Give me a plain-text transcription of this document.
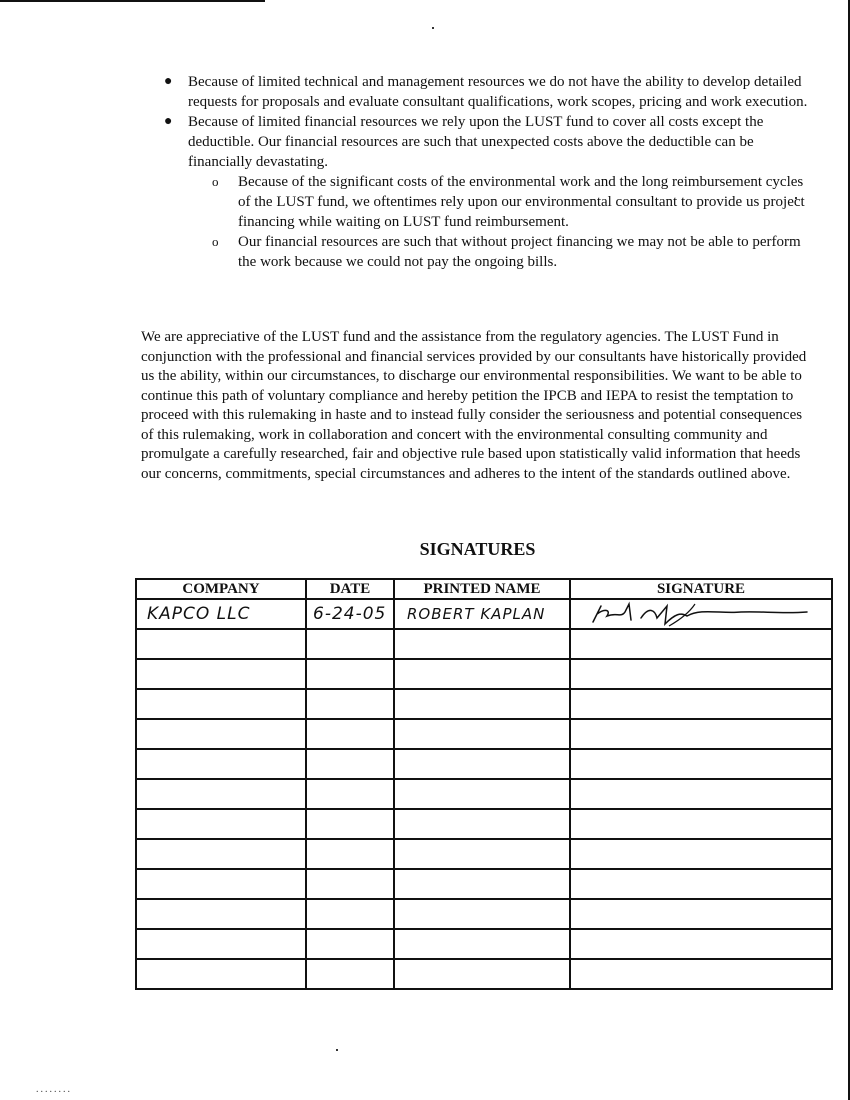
● Because of limited technical and management resources we do not have the ability to develop detailed requests for proposals and evaluate consultant qualifications, work scopes, pricing and work execution.
● Because of limited financial resources we rely upon the LUST fund to cover all costs except the deductible. Our financial resources are such that unexpected costs above the deductible can be financially devastating.
o Because of the significant costs of the environmental work and the long reimbursement cycles of the LUST fund, we oftentimes rely upon our environmental consultant to provide us project financing while waiting on LUST fund reimbursement.
o Our financial resources are such that without project financing we may not be able to perform the work because we could not pay the ongoing bills.

We are appreciative of the LUST fund and the assistance from the regulatory agencies. The LUST Fund in conjunction with the professional and financial services provided by our consultants have historically provided us the ability, within our circumstances, to discharge our environmental responsibilities. We want to be able to continue this path of voluntary compliance and hereby petition the IPCB and IEPA to resist the temptation to proceed with this rulemaking in haste and to instead fully consider the seriousness and potential consequences of this rulemaking, work in collaboration and concert with the environmental consulting community and promulgate a carefully researched, fair and objective rule based upon statistically valid information that heeds our concerns, commitments, special circumstances and adheres to the intent of the standards outlined above.

SIGNATURES
COMPANY	DATE	PRINTED NAME	SIGNATURE
KAPCO LLC	6-24-05	ROBERT KAPLAN	

........
